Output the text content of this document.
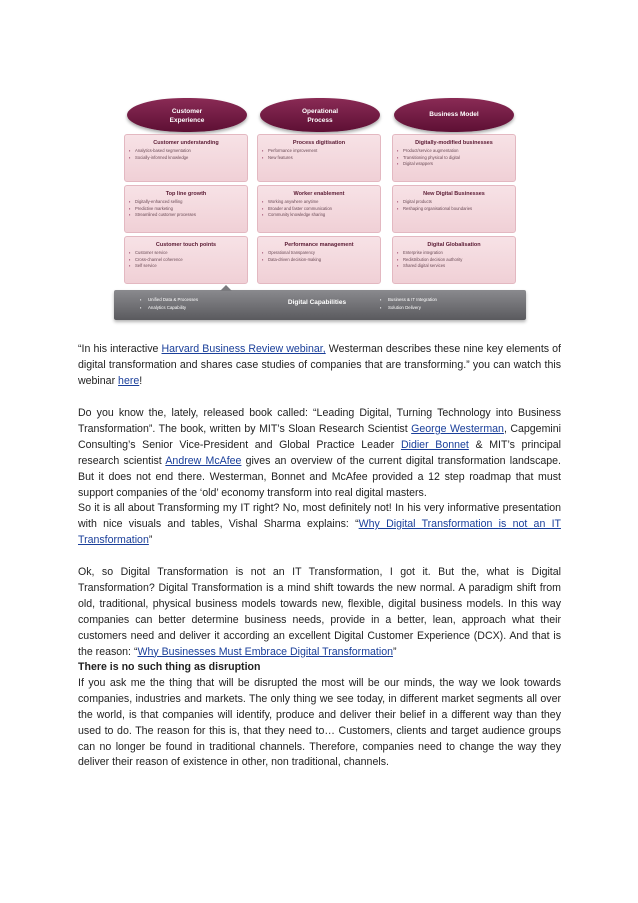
Customer
Experience
Operational
Process
Business Model
Customer understanding
▪ Analytics-based segmentation
▪ Socially-informed knowledge
Process digitisation
▪ Performance improvement
▪ New features
Digitally-modified businesses
▪ Product/service augmentation
▪ Transitioning physical to digital
▪ Digital wrappers
Top line growth
▪ Digitally-enhanced selling
▪ Predictive marketing
▪ Streamlined customer processes
Worker enablement
▪ Working anywhere anytime
▪ Broader and faster communication
▪ Community knowledge sharing
New Digital Businesses
▪ Digital products
▪ Reshaping organisational boundaries
Customer touch points
▪ Customer service
▪ Cross-channel coherence
▪ Self service
Performance management
▪ Operational transparency
▪ Data-driven decision-making
Digital Globalisation
▪ Enterprise integration
▪ Redistribution decision authority
▪ Shared digital services
▪ Unified Data & Processes
▪ Analytics Capability
Digital Capabilities
▪	Business & IT Integration
▪ Solution Delivery

“In his interactive Harvard Business Review webinar, Westerman describes these nine key elements of digital transformation and shares case studies of companies that are transforming.” you can watch this webinar here!

Do you know the, lately, released book called: “Leading Digital, Turning Technology into Business Transformation”. The book, written by MIT’s Sloan Research Scientist George Westerman, Capgemini Consulting’s Senior Vice-President and Global Practice Leader Didier Bonnet & MIT’s principal research scientist Andrew McAfee gives an overview of the current digital transformation landscape. But it does not end there. Westerman, Bonnet and McAfee provided a 12 step roadmap that must support companies of the ‘old’ economy transform into real digital masters.

So it is all about Transforming my IT right? No, most definitely not! In his very informative presentation with nice visuals and tables, Vishal Sharma explains: “Why Digital Transformation is not an IT Transformation”

Ok, so Digital Transformation is not an IT Transformation, I got it. But the, what is Digital Transformation? Digital Transformation is a mind shift towards the new normal. A paradigm shift from old, traditional, physical business models towards new, flexible, digital business models. In this way companies can better determine business needs, provide in a better, lean, approach what their customers need and deliver it according an excellent Digital Customer Experience (DCX). And that is the reason: “Why Businesses Must Embrace Digital Transformation”

There is no such thing as disruption

If you ask me the thing that will be disrupted the most will be our minds, the way we look towards companies, industries and markets. The only thing we see today, in different market segments all over the world, is that companies will identify, produce and deliver their belief in a different way than they used to do. The reason for this is, that they need to… Customers, clients and target audience groups can no longer be found in traditional channels. Therefore, companies need to change the way they deliver their reason of existence in other, non traditional, channels.
